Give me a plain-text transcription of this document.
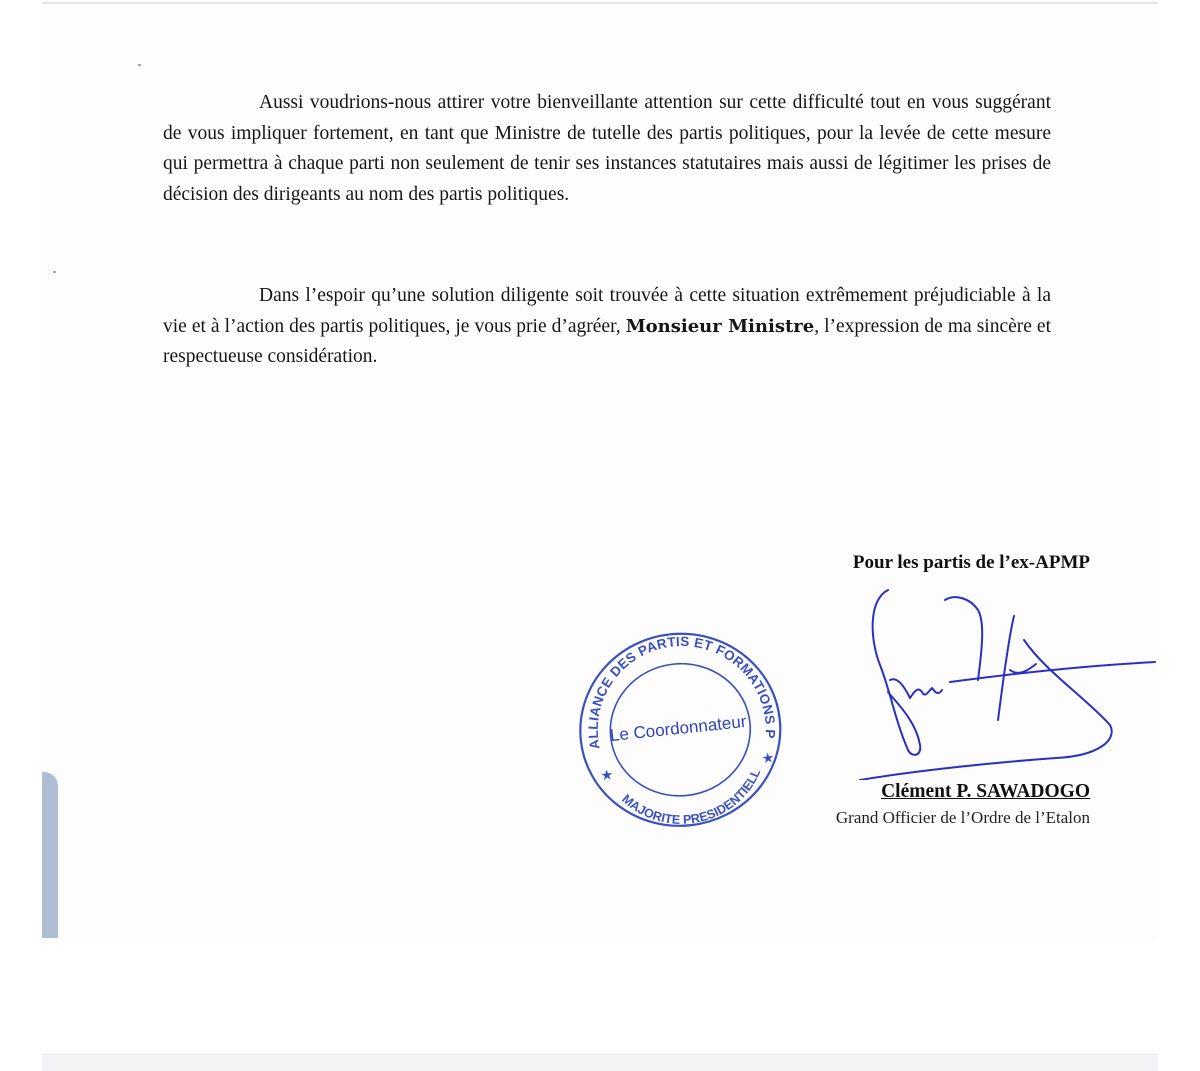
Aussi voudrions-nous attirer votre bienveillante attention sur cette difficulté tout en vous suggérant de vous impliquer fortement, en tant que Ministre de tutelle des partis politiques, pour la levée de cette mesure qui permettra à chaque parti non seulement de tenir ses instances statutaires mais aussi de légitimer les prises de décision des dirigeants au nom des partis politiques.

Dans l’espoir qu’une solution diligente soit trouvée à cette situation extrêmement préjudiciable à la vie et à l’action des partis politiques, je vous prie d’agréer, Monsieur Ministre, l’expression de ma sincère et respectueuse considération.

Pour les partis de l’ex-APMP
ALLIANCE DES PARTIS ET FORMATIONS POLITIQUES
MAJORITE PRESIDENTIELLE
★
★
Le Coordonnateur
Clément P. SAWADOGO
Grand Officier de l’Ordre de l’Etalon
